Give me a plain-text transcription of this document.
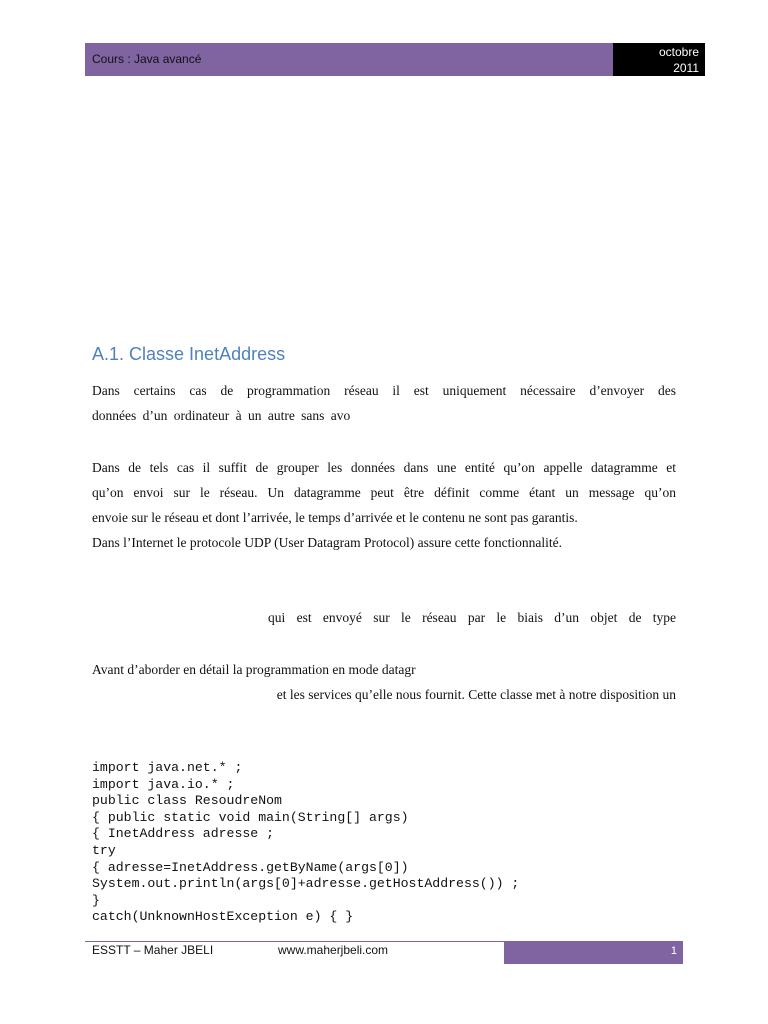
Cours : Java avancé	octobre
2011
A.1. Classe InetAddress
Dans certains cas de programmation réseau il est uniquement nécessaire d’envoyer des
données d’un ordinateur à un autre sans avo
Dans de tels cas il suffit de grouper les données dans une entité qu’on appelle datagramme et
qu’on envoi sur le réseau. Un datagramme peut être définit comme étant un message qu’on
envoie sur le réseau et dont l’arrivée, le temps d’arrivée et le contenu ne sont pas garantis.
Dans l’Internet le protocole UDP (User Datagram Protocol) assure cette fonctionnalité.
qui est envoyé sur le réseau par le biais d’un objet de type
Avant d’aborder en détail la programmation en mode datagr
et les services qu’elle nous fournit. Cette classe met à notre disposition un
import java.net.* ;
import java.io.* ;
public class ResoudreNom
{ public static void main(String[] args)
{ InetAddress adresse ;
try
{ adresse=InetAddress.getByName(args[0])
System.out.println(args[0]+adresse.getHostAddress()) ;
}
catch(UnknownHostException e) { }
ESSTT – Maher JBELI	www.maherjbeli.com	1
